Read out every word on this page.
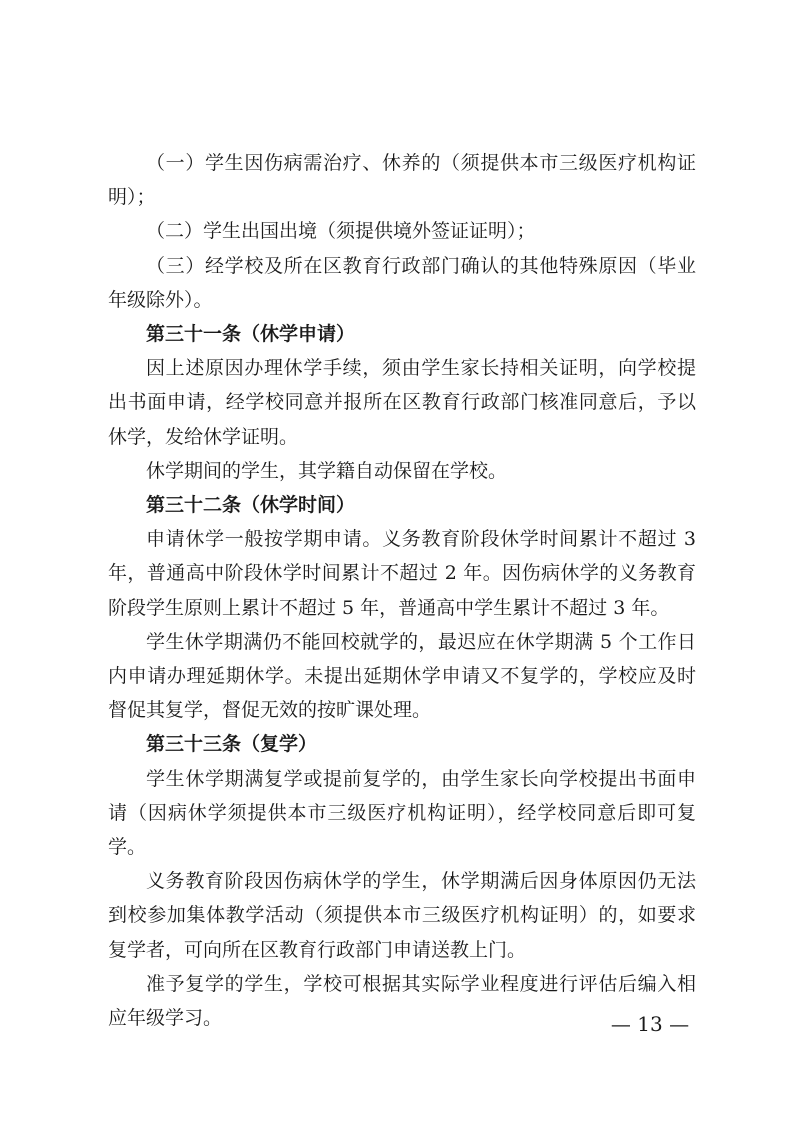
（一）学生因伤病需治疗、休养的（须提供本市三级医疗机构证明）；

（二）学生出国出境（须提供境外签证证明）；

（三）经学校及所在区教育行政部门确认的其他特殊原因（毕业年级除外）。

第三十一条（休学申请）

因上述原因办理休学手续，须由学生家长持相关证明，向学校提出书面申请，经学校同意并报所在区教育行政部门核准同意后，予以休学，发给休学证明。

休学期间的学生，其学籍自动保留在学校。

第三十二条（休学时间）

申请休学一般按学期申请。义务教育阶段休学时间累计不超过 3 年，普通高中阶段休学时间累计不超过 2 年。因伤病休学的义务教育阶段学生原则上累计不超过 5 年，普通高中学生累计不超过 3 年。

学生休学期满仍不能回校就学的，最迟应在休学期满 5 个工作日内申请办理延期休学。未提出延期休学申请又不复学的，学校应及时督促其复学，督促无效的按旷课处理。

第三十三条（复学）

学生休学期满复学或提前复学的，由学生家长向学校提出书面申请（因病休学须提供本市三级医疗机构证明），经学校同意后即可复学。

义务教育阶段因伤病休学的学生，休学期满后因身体原因仍无法到校参加集体教学活动（须提供本市三级医疗机构证明）的，如要求复学者，可向所在区教育行政部门申请送教上门。

准予复学的学生，学校可根据其实际学业程度进行评估后编入相应年级学习。	— 13 —
